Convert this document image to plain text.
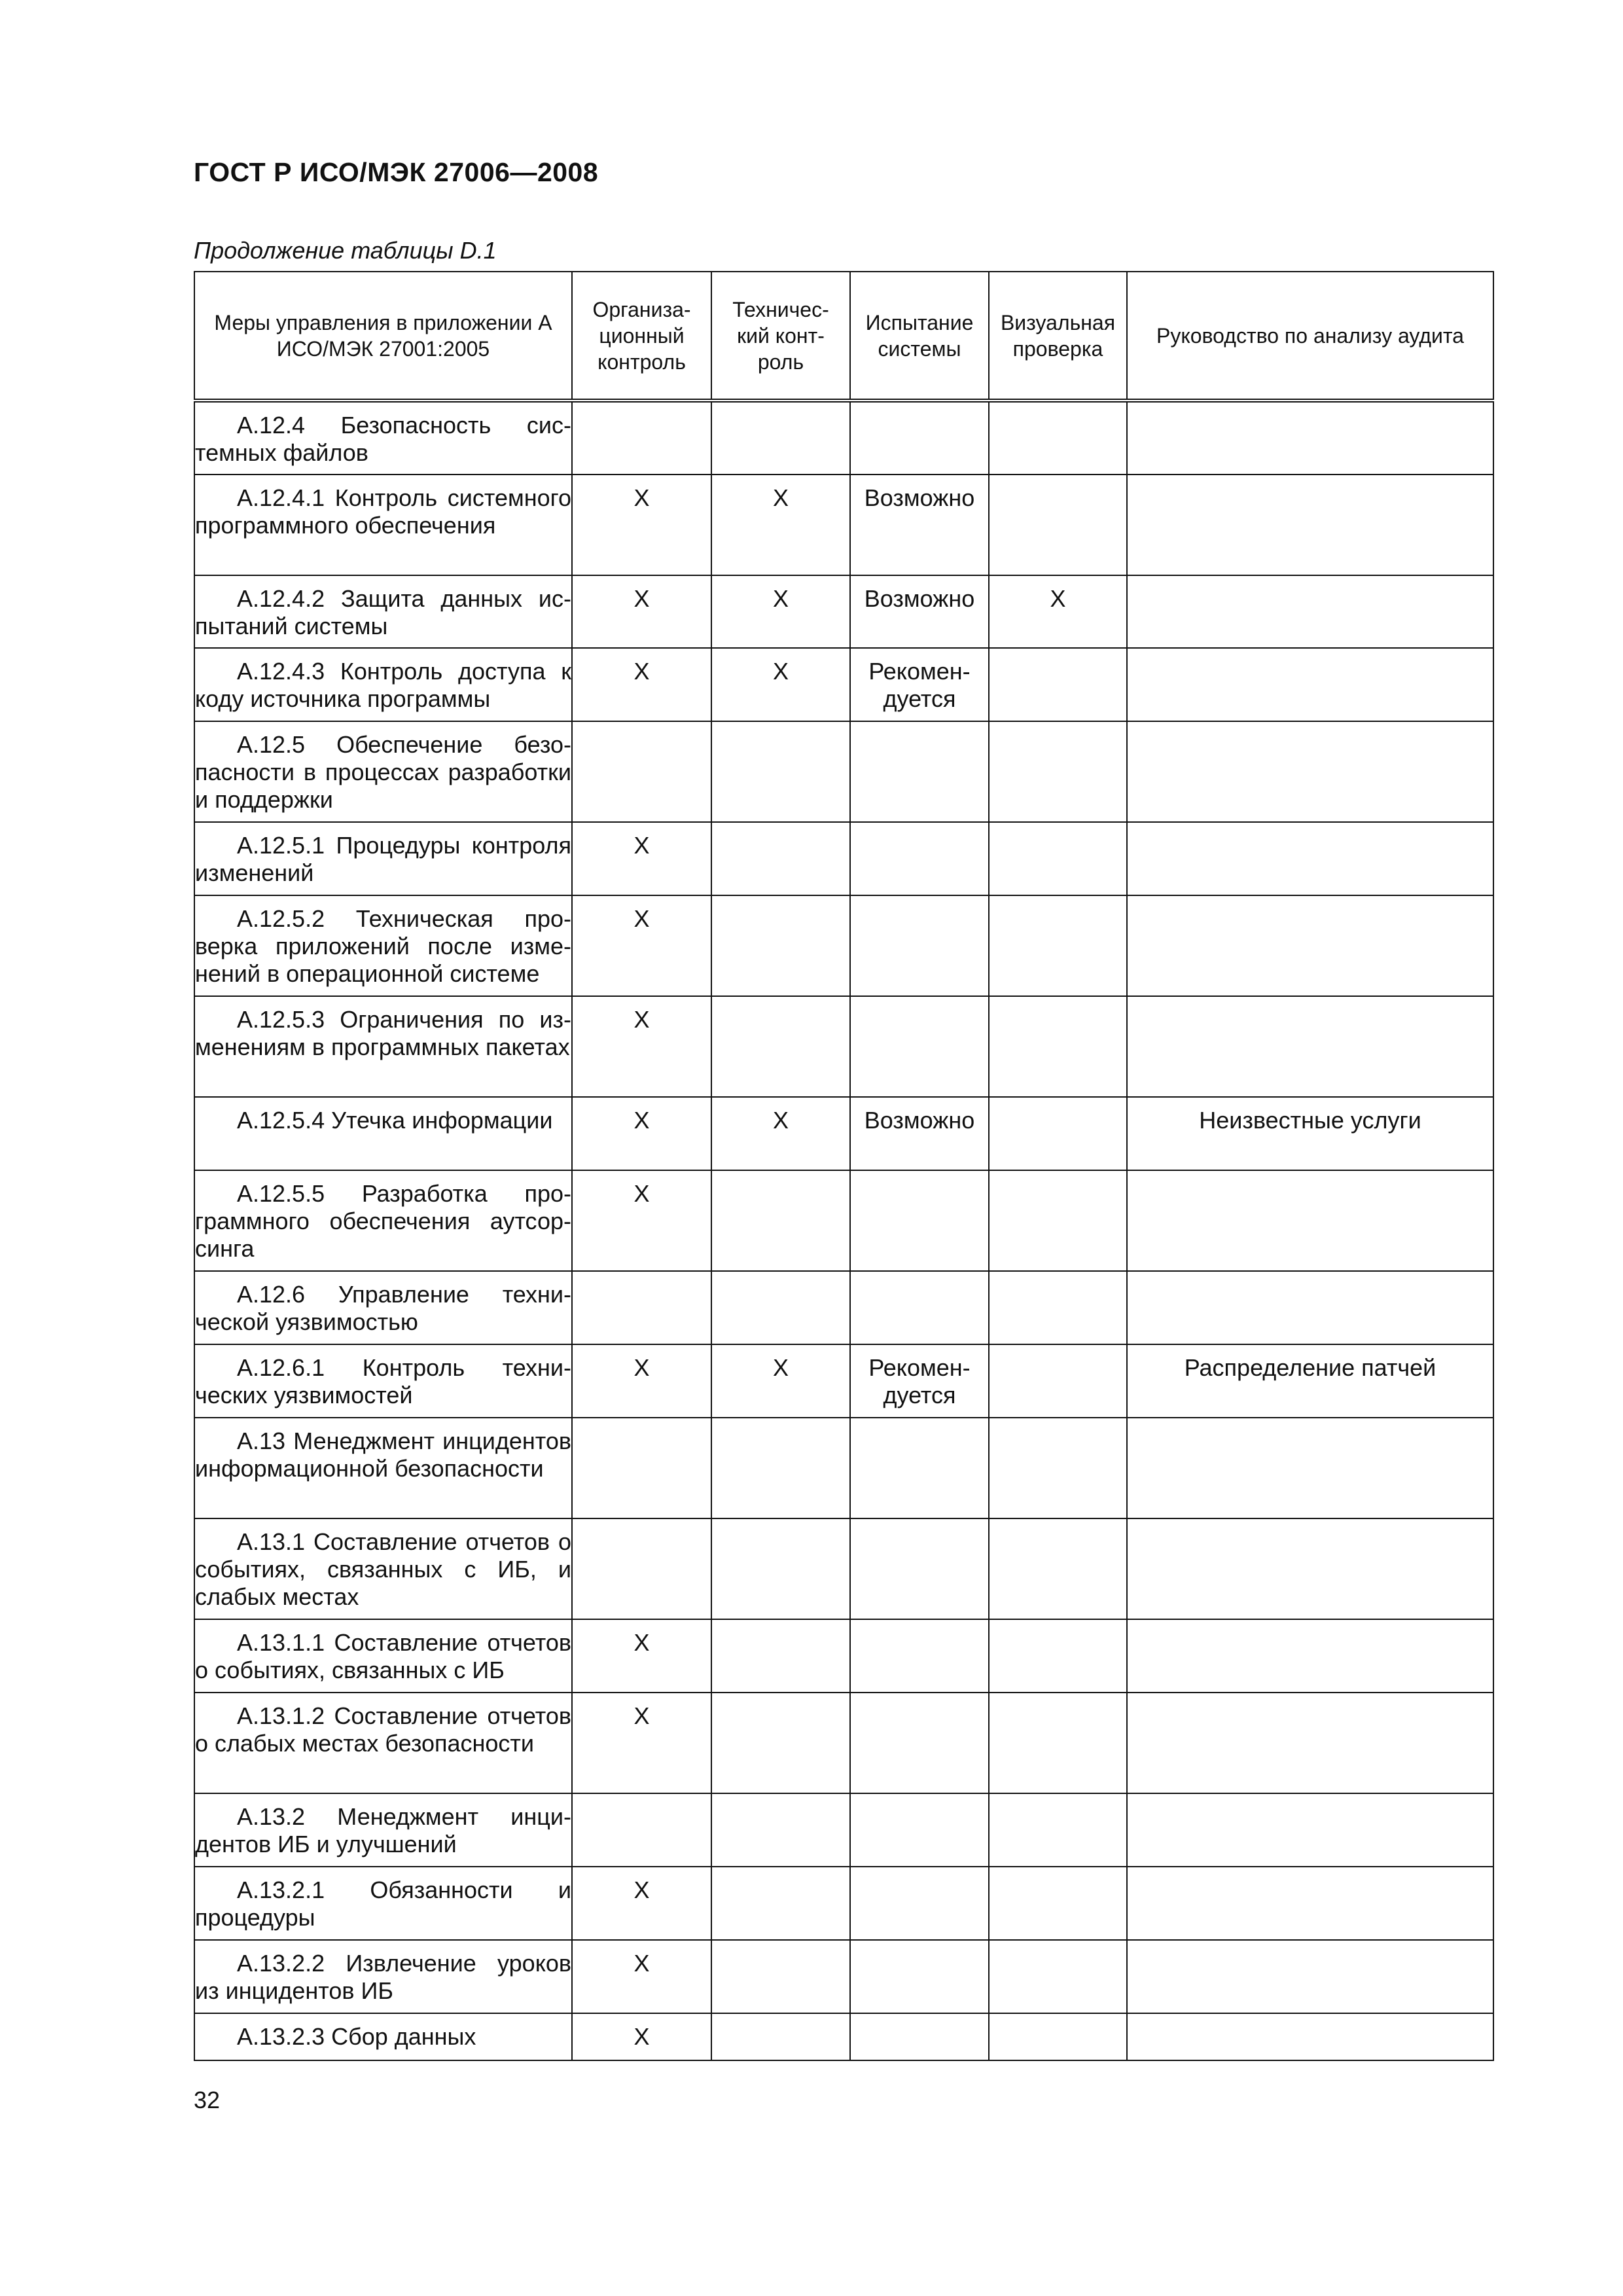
ГОСТ Р ИСО/МЭК 27006—2008

Продолжение таблицы D.1

Меры управления в приложении А ИСО/МЭК 27001:2005	Организа-ционный контроль	Техничес-кий конт-роль	Испытание системы	Визуальная проверка	Руководство по анализу аудита
А.12.4 Безопасность системных файлов					
А.12.4.1 Контроль системного программного обеспечения	X	X	Возможно		
А.12.4.2 Защита данных испытаний системы	X	X	Возможно	X	
А.12.4.3 Контроль доступа к коду источника программы	X	X	Рекомендуется		
А.12.5 Обеспечение безопасности в процессах разработки и поддержки					
А.12.5.1 Процедуры контроля изменений	X				
А.12.5.2 Техническая проверка приложений после изменений в операционной системе	X				
А.12.5.3 Ограничения по изменениям в программных пакетах	X				
А.12.5.4 Утечка информации	X	X	Возможно		Неизвестные услуги
А.12.5.5 Разработка программного обеспечения аутсорсинга	X				
А.12.6 Управление технической уязвимостью					
А.12.6.1 Контроль технических уязвимостей	X	X	Рекомендуется		Распределение патчей
А.13 Менеджмент инцидентов информационной безопасности					
А.13.1 Составление отчетов о событиях, связанных с ИБ, и слабых местах					
А.13.1.1 Составление отчетов о событиях, связанных с ИБ	X				
А.13.1.2 Составление отчетов о слабых местах безопасности	X				
А.13.2 Менеджмент инцидентов ИБ и улучшений					
А.13.2.1 Обязанности и процедуры	X				
А.13.2.2 Извлечение уроков из инцидентов ИБ	X				
А.13.2.3 Сбор данных	X				

32
